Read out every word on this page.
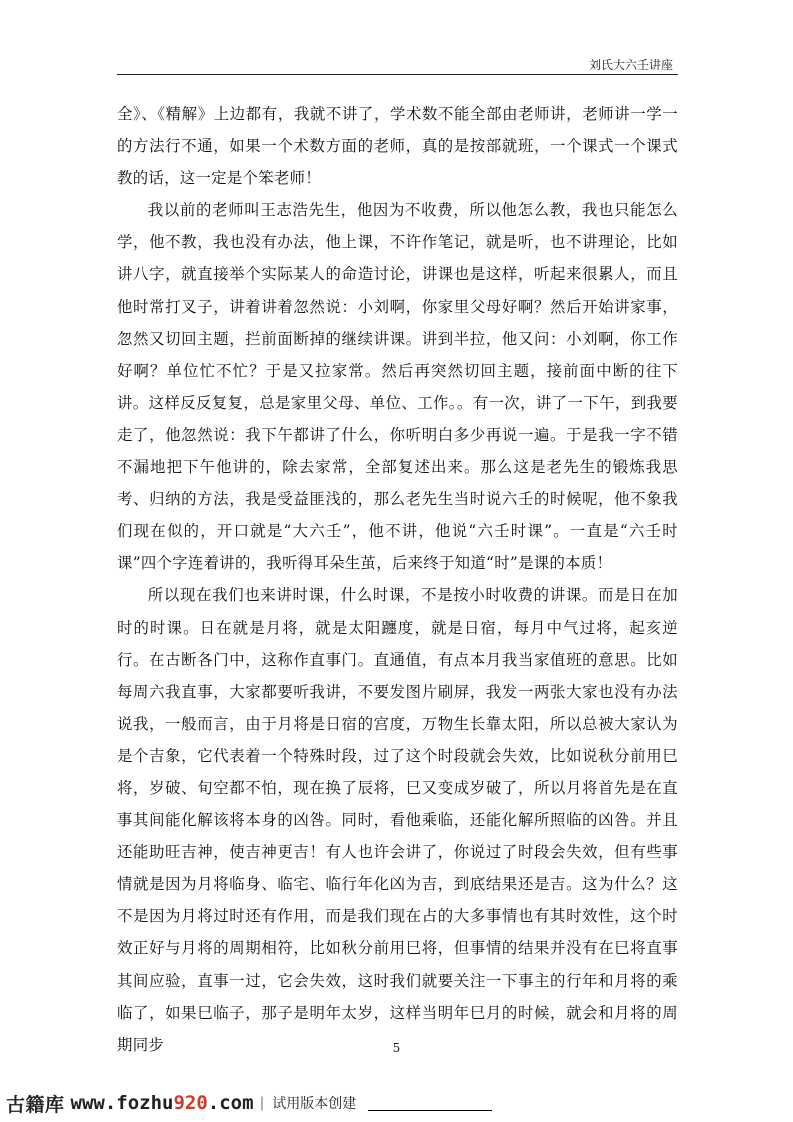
刘氏大六壬讲座

全》、《精解》上边都有，我就不讲了，学术数不能全部由老师讲，老师讲一学一的方法行不通，如果一个术数方面的老师，真的是按部就班，一个课式一个课式教的话，这一定是个笨老师！

我以前的老师叫王志浩先生，他因为不收费，所以他怎么教，我也只能怎么学，他不教，我也没有办法，他上课，不许作笔记，就是听，也不讲理论，比如讲八字，就直接举个实际某人的命造讨论，讲课也是这样，听起来很累人，而且他时常打叉子，讲着讲着忽然说：小刘啊，你家里父母好啊？然后开始讲家事，忽然又切回主题，拦前面断掉的继续讲课。讲到半拉，他又问：小刘啊，你工作好啊？单位忙不忙？于是又拉家常。然后再突然切回主题，接前面中断的往下讲。这样反反复复，总是家里父母、单位、工作。。有一次，讲了一下午，到我要走了，他忽然说：我下午都讲了什么，你听明白多少再说一遍。于是我一字不错不漏地把下午他讲的，除去家常，全部复述出来。那么这是老先生的锻炼我思考、归纳的方法，我是受益匪浅的，那么老先生当时说六壬的时候呢，他不象我们现在似的，开口就是“大六壬”，他不讲，他说“六壬时课”。一直是“六壬时课”四个字连着讲的，我听得耳朵生茧，后来终于知道“时”是课的本质！

所以现在我们也来讲时课，什么时课，不是按小时收费的讲课。而是日在加时的时课。日在就是月将，就是太阳躔度，就是日宿，每月中气过将，起亥逆行。在古断各门中，这称作直事门。直通值，有点本月我当家值班的意思。比如每周六我直事，大家都要听我讲，不要发图片刷屏，我发一两张大家也没有办法说我，一般而言，由于月将是日宿的宫度，万物生长靠太阳，所以总被大家认为是个吉象，它代表着一个特殊时段，过了这个时段就会失效，比如说秋分前用巳将，岁破、旬空都不怕，现在换了辰将，巳又变成岁破了，所以月将首先是在直事其间能化解该将本身的凶咎。同时，看他乘临，还能化解所照临的凶咎。并且还能助旺吉神，使吉神更吉！有人也许会讲了，你说过了时段会失效，但有些事情就是因为月将临身、临宅、临行年化凶为吉，到底结果还是吉。这为什么？这不是因为月将过时还有作用，而是我们现在占的大多事情也有其时效性，这个时效正好与月将的周期相符，比如秋分前用巳将，但事情的结果并没有在巳将直事其间应验，直事一过，它会失效，这时我们就要关注一下事主的行年和月将的乘临了，如果巳临子，那子是明年太岁，这样当明年巳月的时候，就会和月将的周期同步	5
古籍库 www.fozhu920.com | 试用版本创建
